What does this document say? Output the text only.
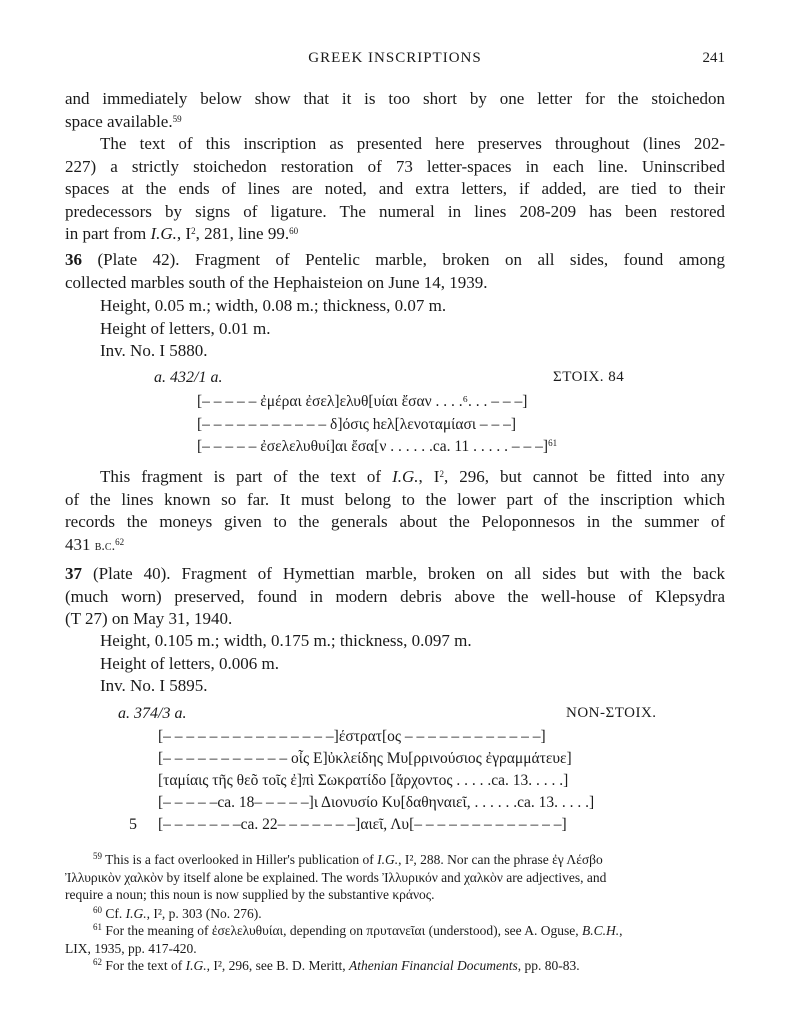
GREEK INSCRIPTIONS	241
and immediately below show that it is too short by one letter for the stoichedon
space available.$^{59}$
The text of this inscription as presented here preserves throughout (lines 202-
227) a strictly stoichedon restoration of 73 letter-spaces in each line. Uninscribed
spaces at the ends of lines are noted, and extra letters, if added, are tied to their
predecessors by signs of ligature. The numeral in lines 208-209 has been restored
in part from I.G., $I^2$, 281, line 99.60
36 (Plate 42). Fragment of Pentelic marble, broken on all sides, found among
collected marbles south of the Hephaisteion on June 14, 1939.
Height, 0.05 m.; width, 0.08 m.; thickness, 0.07 m.
Height of letters, 0.01 m.
Inv. No. I 5880.
a. 432/1 a.	ΣΤΟΙΧ. 84
[– – – – – ἐμέραι ἐσελ]ελυθ[υίαι ἔσαν . . . .⁶. . . – – –]
[– – – – – – – – – – – δ]όσις hελ[λενοταμίασι – – –]
[– – – – – ἐσελελυθυί]αι ἔσα[ν . . . . . .ca. 11 . . . . . – – –]$^{61}$
This fragment is part of the text of I.G., $I^2$, 296, but cannot be fitted into any
of the lines known so far. It must belong to the lower part of the inscription which
records the moneys given to the generals about the Peloponnesos in the summer of
431 b.c.$^{62}$
37 (Plate 40). Fragment of Hymettian marble, broken on all sides but with the back
(much worn) preserved, found in modern debris above the well-house of Klepsydra
(T 27) on May 31, 1940.
Height, 0.105 m.; width, 0.175 m.; thickness, 0.097 m.
Height of letters, 0.006 m.
Inv. No. I 5895.
a. 374/3 a.	NON-ΣΤΟΙΧ.
[– – – – – – – – – – – – – – –]έστρατ[ος – – – – – – – – – – – –]
[– – – – – – – – – – – οἶς Ε]ὐκλείδης Μυ[ρρινούσιος ἐγραμμάτευε]
[ταμίαις τῆς θεõ τοῖς ἐ]πὶ Σωκρατίδο [ἄρχοντος . . . . .ca. 13. . . . .]
[– – – – –ca. 18– – – – –]ι Διονυσίο Κυ[δαθηναιεῖ, . . . . . .ca. 13. . . . .]
5 [– – – – – – –ca. 22– – – – – – –]αιεῖ, Λυ[– – – – – – – – – – – – –]
$^{59}$ This is a fact overlooked in Hiller's publication of I.G., I², 288. Nor can the phrase ἐγ Λέσβο
Ἰλλυρικὸν χαλκὸν by itself alone be explained. The words Ἰλλυρικόν and χαλκὸν are adjectives, and
require a noun; this noun is now supplied by the substantive κράνος.
$^{60}$ Cf. I.G., I², p. 303 (No. 276).
$^{61}$ For the meaning of ἐσελελυθυίαι, depending on πρυτανεῖαι (understood), see A. Oguse, B.C.H.,
LIX, 1935, pp. 417-420.
$^{62}$ For the text of I.G., I², 296, see B. D. Meritt, Athenian Financial Documents, pp. 80-83.
